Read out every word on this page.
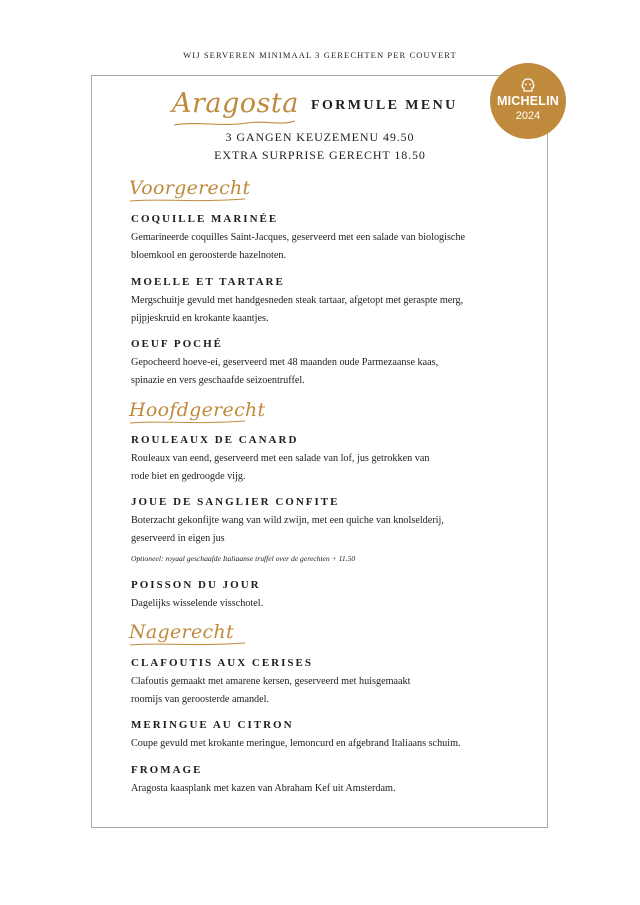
WIJ SERVEREN MINIMAAL 3 GERECHTEN PER COUVERT
MICHELIN
2024
Aragosta FORMULE MENU
3 GANGEN KEUZEMENU 49.50
EXTRA SURPRISE GERECHT 18.50
Voorgerecht
COQUILLE MARINÉE
Gemarineerde coquilles Saint-Jacques, geserveerd met een salade van biologische
bloemkool en geroosterde hazelnoten.
MOELLE ET TARTARE
Mergschuitje gevuld met handgesneden steak tartaar, afgetopt met geraspte merg,
pijpjeskruid en krokante kaantjes.
OEUF POCHÉ
Gepocheerd hoeve-ei, geserveerd met 48 maanden oude Parmezaanse kaas,
spinazie en vers geschaafde seizoentruffel.
Hoofdgerecht
ROULEAUX DE CANARD
Rouleaux van eend, geserveerd met een salade van lof, jus getrokken van
rode biet en gedroogde vijg.
JOUE DE SANGLIER CONFITE
Boterzacht gekonfijte wang van wild zwijn, met een quiche van knolselderij,
geserveerd in eigen jus
Optioneel: royaal geschaafde Italiaanse truffel over de gerechten + 11.50
POISSON DU JOUR
Dagelijks wisselende visschotel.
Nagerecht
CLAFOUTIS AUX CERISES
Clafoutis gemaakt met amarene kersen, geserveerd met huisgemaakt
roomijs van geroosterde amandel.
MERINGUE AU CITRON
Coupe gevuld met krokante meringue, lemoncurd en afgebrand Italiaans schuim.
FROMAGE
Aragosta kaasplank met kazen van Abraham Kef uit Amsterdam.
